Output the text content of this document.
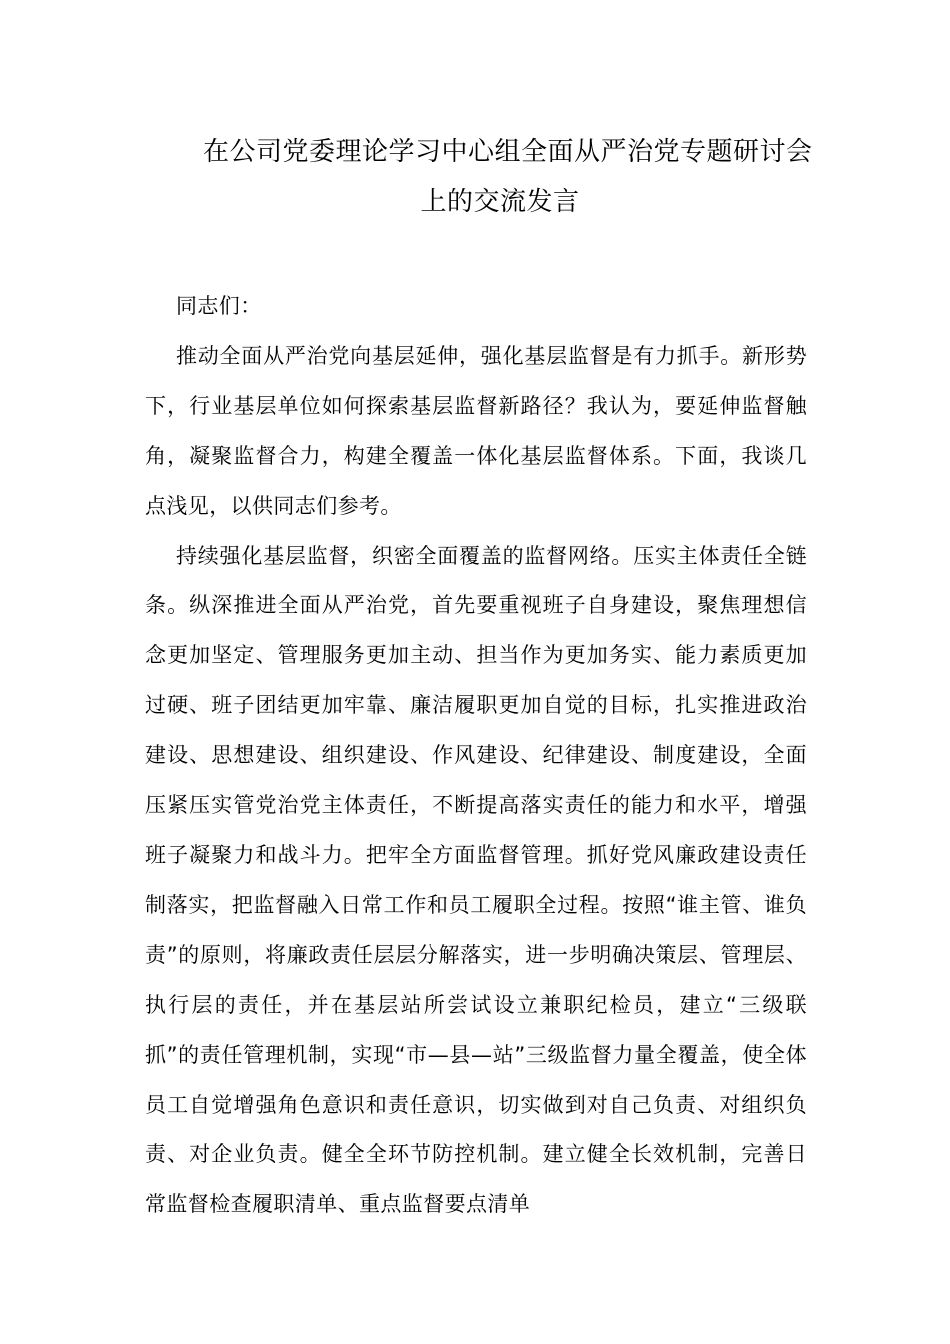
在公司党委理论学习中心组全面从严治党专题研讨会
上的交流发言

同志们：

推动全面从严治党向基层延伸，强化基层监督是有力抓手。新形势下，行业基层单位如何探索基层监督新路径？我认为，要延伸监督触角，凝聚监督合力，构建全覆盖一体化基层监督体系。下面，我谈几点浅见，以供同志们参考。

持续强化基层监督，织密全面覆盖的监督网络。压实主体责任全链条。纵深推进全面从严治党，首先要重视班子自身建设，聚焦理想信念更加坚定、管理服务更加主动、担当作为更加务实、能力素质更加过硬、班子团结更加牢靠、廉洁履职更加自觉的目标，扎实推进政治建设、思想建设、组织建设、作风建设、纪律建设、制度建设，全面压紧压实管党治党主体责任，不断提高落实责任的能力和水平，增强班子凝聚力和战斗力。把牢全方面监督管理。抓好党风廉政建设责任制落实，把监督融入日常工作和员工履职全过程。按照“谁主管、谁负责”的原则，将廉政责任层层分解落实，进一步明确决策层、管理层、执行层的责任，并在基层站所尝试设立兼职纪检员，建立“三级联抓”的责任管理机制，实现“市—县—站”三级监督力量全覆盖，使全体员工自觉增强角色意识和责任意识，切实做到对自己负责、对组织负责、对企业负责。健全全环节防控机制。建立健全长效机制，完善日常监督检查履职清单、重点监督要点清单
